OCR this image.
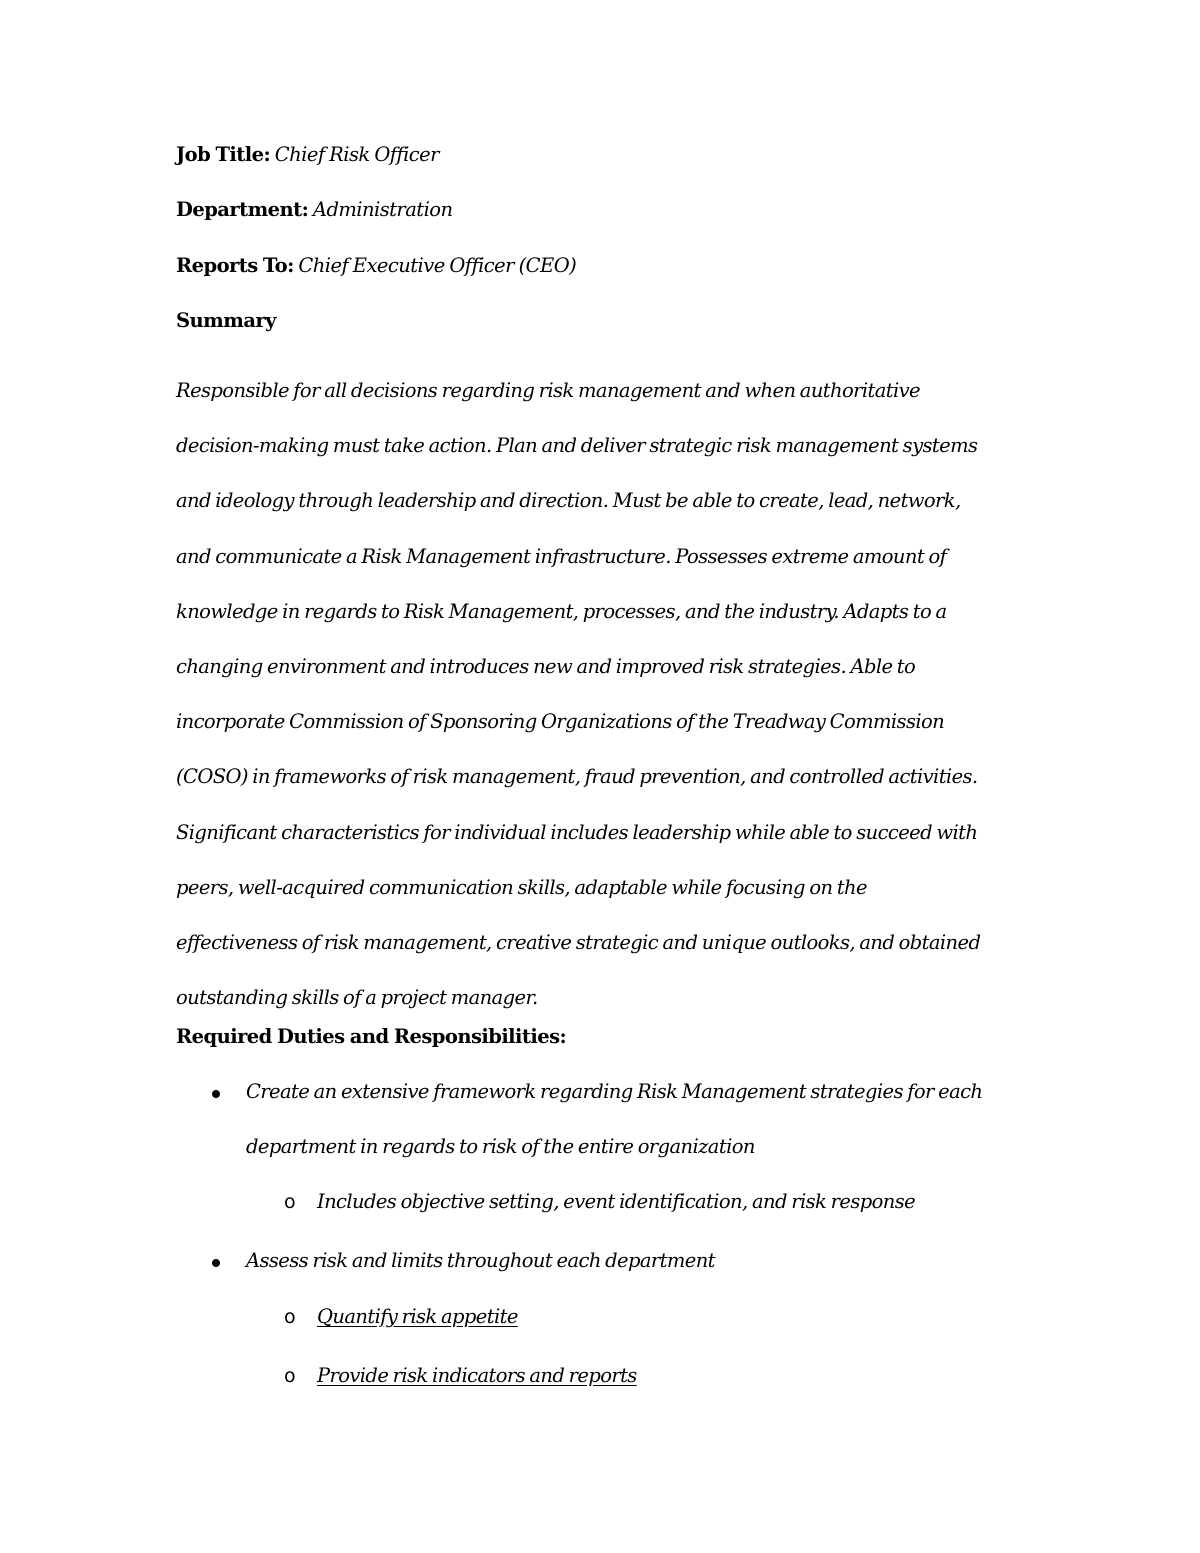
Job Title: Chief Risk Officer
Department: Administration
Reports To: Chief Executive Officer (CEO)
Summary
Responsible for all decisions regarding risk management and when authoritative
decision-making must take action. Plan and deliver strategic risk management systems
and ideology through leadership and direction. Must be able to create, lead, network,
and communicate a Risk Management infrastructure. Possesses extreme amount of
knowledge in regards to Risk Management, processes, and the industry. Adapts to a
changing environment and introduces new and improved risk strategies. Able to
incorporate Commission of Sponsoring Organizations of the Treadway Commission
(COSO) in frameworks of risk management, fraud prevention, and controlled activities.
Significant characteristics for individual includes leadership while able to succeed with
peers, well-acquired communication skills, adaptable while focusing on the
effectiveness of risk management, creative strategic and unique outlooks, and obtained
outstanding skills of a project manager.
Required Duties and Responsibilities:
Create an extensive framework regarding Risk Management strategies for each
department in regards to risk of the entire organization
o Includes objective setting, event identification, and risk response
Assess risk and limits throughout each department
o Quantify risk appetite
o Provide risk indicators and reports
